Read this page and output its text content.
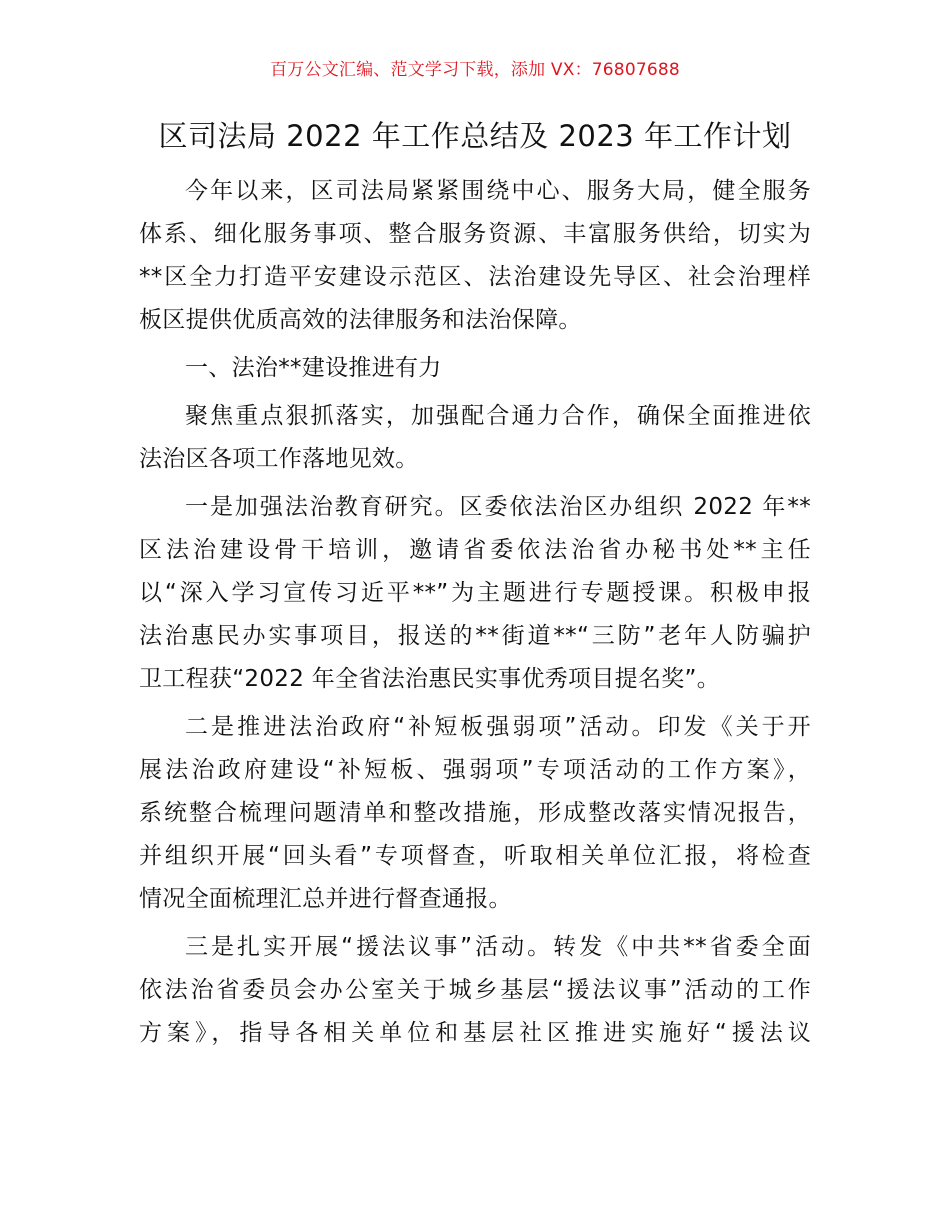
百万公文汇编、范文学习下载，添加 VX：76807688
区司法局 2022 年工作总结及 2023 年工作计划
今年以来，区司法局紧紧围绕中心、服务大局，健全服务
体系、细化服务事项、整合服务资源、丰富服务供给，切实为
**区全力打造平安建设示范区、法治建设先导区、社会治理样
板区提供优质高效的法律服务和法治保障。
一、法治**建设推进有力
聚焦重点狠抓落实，加强配合通力合作，确保全面推进依
法治区各项工作落地见效。
一是加强法治教育研究。区委依法治区办组织 2022 年**
区法治建设骨干培训，邀请省委依法治省办秘书处**主任
以“深入学习宣传习近平**”为主题进行专题授课。积极申报
法治惠民办实事项目，报送的**街道**“三防”老年人防骗护
卫工程获“2022 年全省法治惠民实事优秀项目提名奖”。
二是推进法治政府“补短板强弱项”活动。印发《关于开
展法治政府建设“补短板、强弱项”专项活动的工作方案》，
系统整合梳理问题清单和整改措施，形成整改落实情况报告，
并组织开展“回头看”专项督查，听取相关单位汇报，将检查
情况全面梳理汇总并进行督查通报。
三是扎实开展“援法议事”活动。转发《中共**省委全面
依法治省委员会办公室关于城乡基层“援法议事”活动的工作
方案》，指导各相关单位和基层社区推进实施好“援法议
